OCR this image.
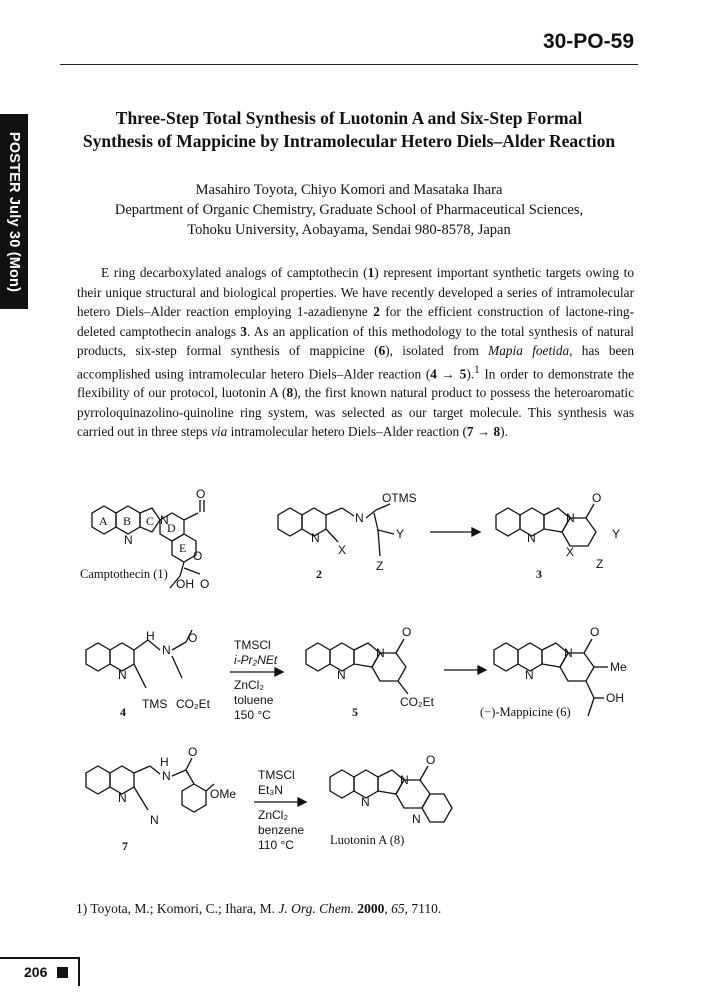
30-PO-59
POSTER July 30 (Mon)
Three-Step Total Synthesis of Luotonin A and Six-Step Formal
Synthesis of Mappicine by Intramolecular Hetero Diels–Alder Reaction
Masahiro Toyota, Chiyo Komori and Masataka Ihara
Department of Organic Chemistry, Graduate School of Pharmaceutical Sciences,
Tohoku University, Aobayama, Sendai 980-8578, Japan

E ring decarboxylated analogs of camptothecin (1) represent important synthetic targets owing to their unique structural and biological properties. We have recently developed a series of intramolecular hetero Diels–Alder reaction employing 1-azadienyne 2 for the efficient construction of lactone-ring-deleted camptothecin analogs 3. As an application of this methodology to the total synthesis of natural products, six-step formal synthesis of mappicine (6), isolated from Mapia foetida, has been accomplished using intramolecular hetero Diels–Alder reaction (4 → 5).$^1$ In order to demonstrate the flexibility of our protocol, luotonin A (8), the first known natural product to possess the heteroaromatic pyrroloquinazolino-quinoline ring system, was selected as our target molecule. This synthesis was carried out in three steps via intramolecular hetero Diels–Alder reaction (7 → 8).

A B C D
E
N
N
O
O
OH O
Camptothecin (1)
N
N
OTMS
X
Y
Z
2
N
N
O
X
Y
Z
3
N
H
N
O
TMS CO₂Et
4
TMSCl
i-Pr₂NEt
ZnCl₂
toluene
150 °C
N
N
O
CO₂Et
5
N
N
O
Me
OH
(−)-Mappicine (6)
N
H
N
O
OMe
N
7
TMSCl
Et₃N
ZnCl₂
benzene
110 °C
N
N
N
O
Luotonin A (8)
1) Toyota, M.; Komori, C.; Ihara, M. J. Org. Chem. 2000, 65, 7110.
206
